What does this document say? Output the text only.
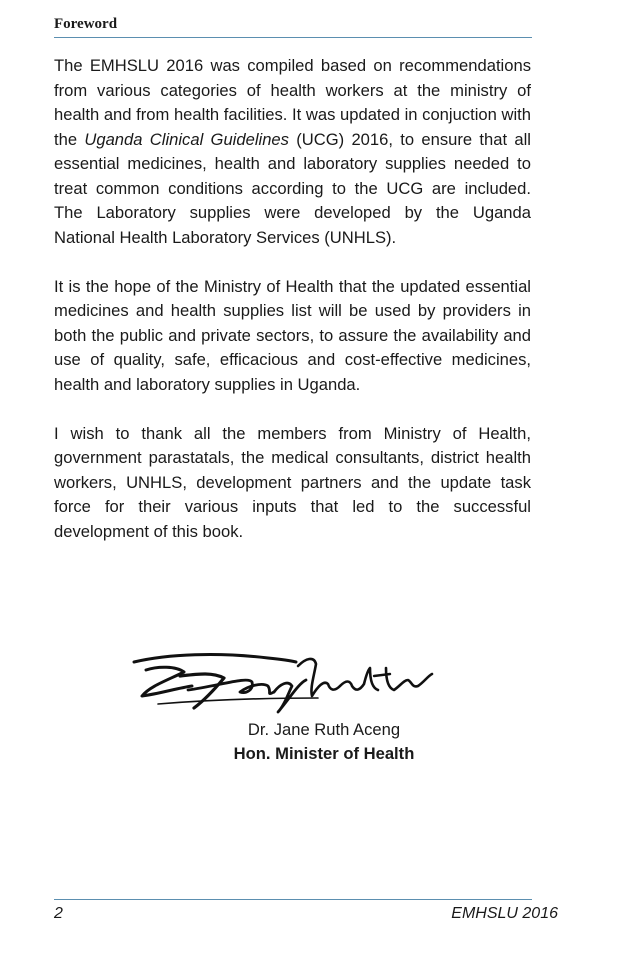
Foreword

The EMHSLU 2016 was compiled based on recommendations from various categories of health workers at the ministry of health and from health facilities. It was updated in conjuction with the Uganda Clinical Guidelines (UCG) 2016, to ensure that all essential medicines, health and laboratory supplies needed to treat common conditions according to the UCG are included. The Laboratory supplies were developed by the Uganda National Health Laboratory Services (UNHLS).

It is the hope of the Ministry of Health that the updated essential medicines and health supplies list will be used by providers in both the public and private sectors, to assure the availability and use of quality, safe, efficacious and cost-effective medicines, health and laboratory supplies in Uganda.

I wish to thank all the members from Ministry of Health, government parastatals, the medical consultants, district health workers, UNHLS, development partners and the update task force for their various inputs that led to the successful development of this book.

Dr. Jane Ruth Aceng
Hon. Minister of Health
2	EMHSLU 2016
